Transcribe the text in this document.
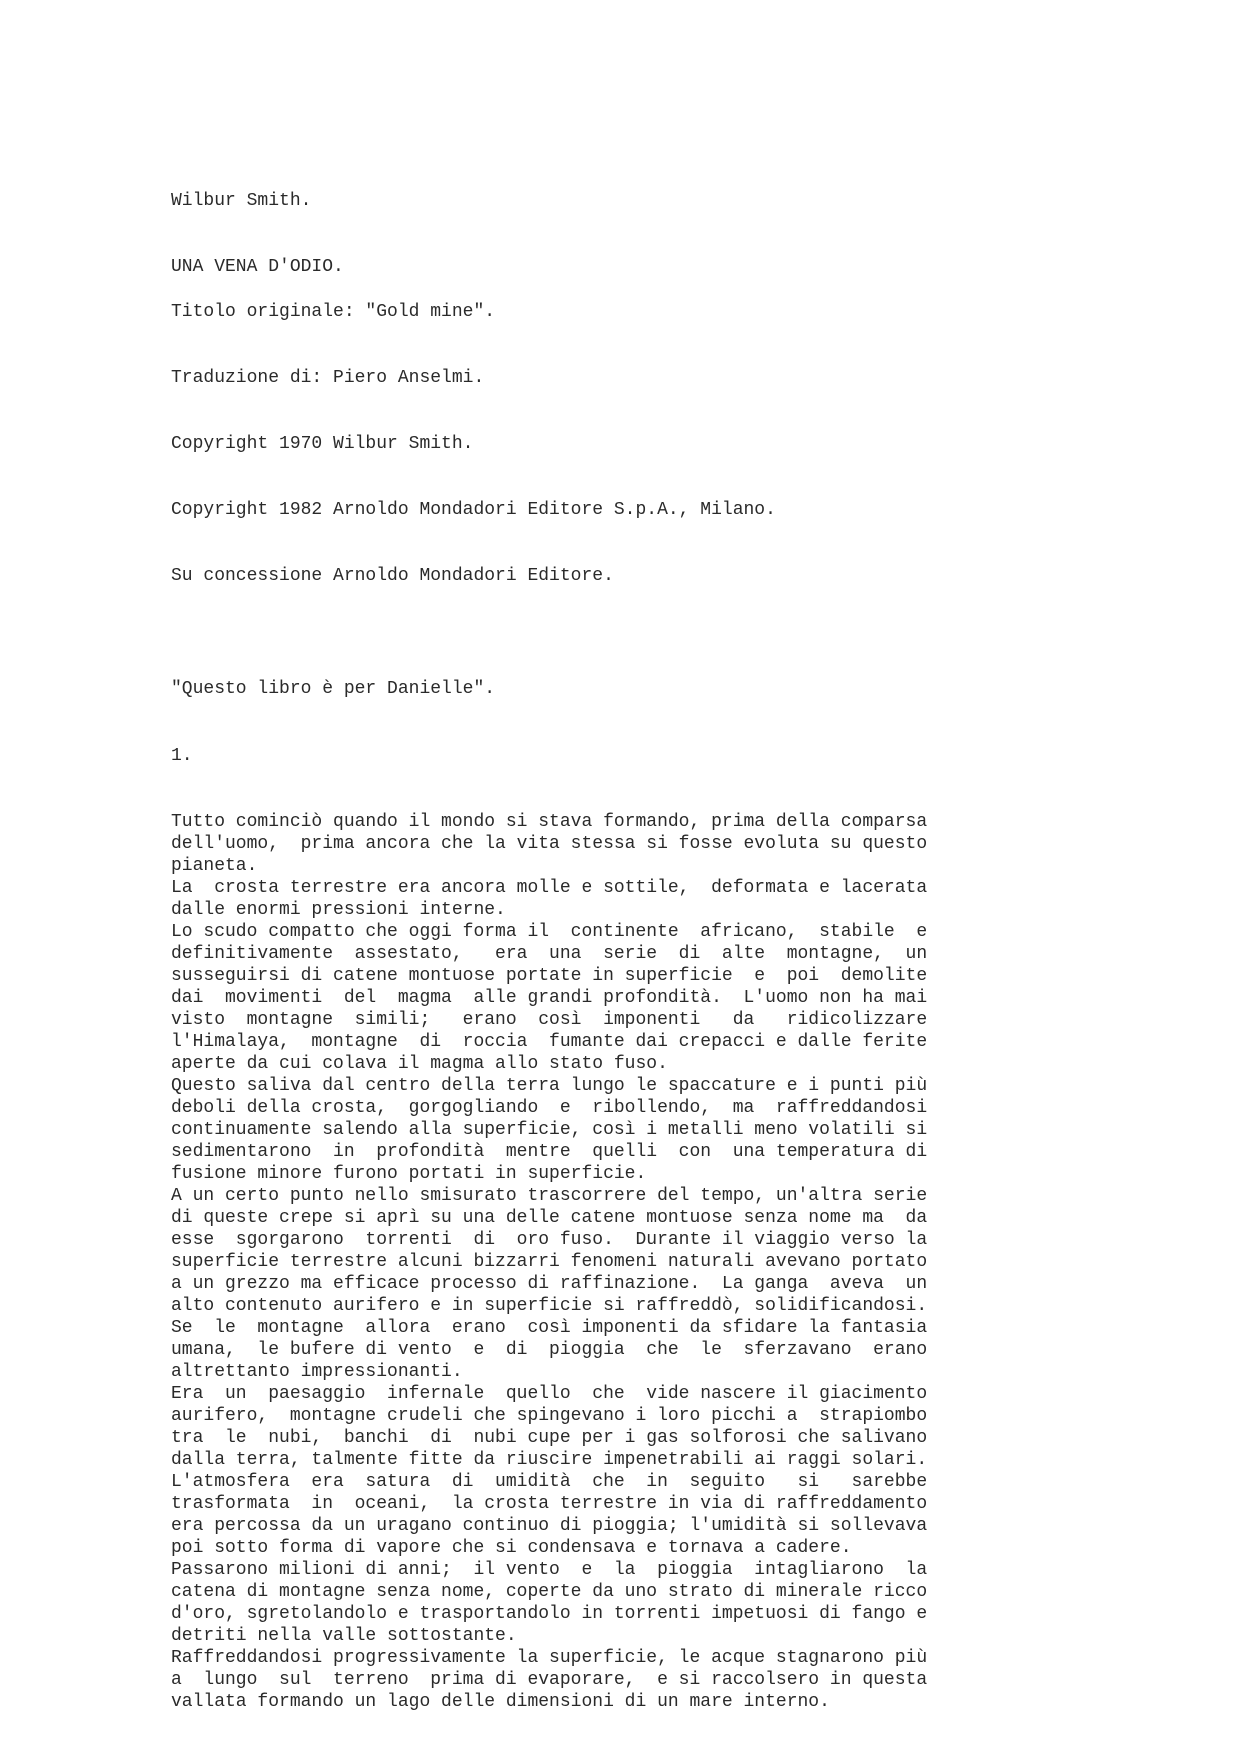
Wilbur Smith.

UNA VENA D'ODIO.

Titolo originale: "Gold mine".

Traduzione di: Piero Anselmi.

Copyright 1970 Wilbur Smith.

Copyright 1982 Arnoldo Mondadori Editore S.p.A., Milano.

Su concessione Arnoldo Mondadori Editore.

"Questo libro è per Danielle".

1.

Tutto cominciò quando il mondo si stava formando, prima della comparsa
dell'uomo,  prima ancora che la vita stessa si fosse evoluta su questo
pianeta.
La  crosta terrestre era ancora molle e sottile,  deformata e lacerata
dalle enormi pressioni interne.
Lo scudo compatto che oggi forma il  continente  africano,  stabile  e
definitivamente  assestato,   era  una  serie  di  alte  montagne,  un
susseguirsi di catene montuose portate in superficie  e  poi  demolite
dai  movimenti  del  magma  alle grandi profondità.  L'uomo non ha mai
visto  montagne  simili;   erano  così  imponenti   da   ridicolizzare
l'Himalaya,  montagne  di  roccia  fumante dai crepacci e dalle ferite
aperte da cui colava il magma allo stato fuso.
Questo saliva dal centro della terra lungo le spaccature e i punti più
deboli della crosta,  gorgogliando  e  ribollendo,  ma  raffreddandosi
continuamente salendo alla superficie, così i metalli meno volatili si
sedimentarono  in  profondità  mentre  quelli  con  una temperatura di
fusione minore furono portati in superficie.
A un certo punto nello smisurato trascorrere del tempo, un'altra serie
di queste crepe si aprì su una delle catene montuose senza nome ma  da
esse  sgorgarono  torrenti  di  oro fuso.  Durante il viaggio verso la
superficie terrestre alcuni bizzarri fenomeni naturali avevano portato
a un grezzo ma efficace processo di raffinazione.  La ganga  aveva  un
alto contenuto aurifero e in superficie si raffreddò, solidificandosi.
Se  le  montagne  allora  erano  così imponenti da sfidare la fantasia
umana,  le bufere di vento  e  di  pioggia  che  le  sferzavano  erano
altrettanto impressionanti.
Era  un  paesaggio  infernale  quello  che  vide nascere il giacimento
aurifero,  montagne crudeli che spingevano i loro picchi a  strapiombo
tra  le  nubi,  banchi  di  nubi cupe per i gas solforosi che salivano
dalla terra, talmente fitte da riuscire impenetrabili ai raggi solari.
L'atmosfera  era  satura  di  umidità  che  in  seguito   si   sarebbe
trasformata  in  oceani,  la crosta terrestre in via di raffreddamento
era percossa da un uragano continuo di pioggia; l'umidità si sollevava
poi sotto forma di vapore che si condensava e tornava a cadere.
Passarono milioni di anni;  il vento  e  la  pioggia  intagliarono  la
catena di montagne senza nome, coperte da uno strato di minerale ricco
d'oro, sgretolandolo e trasportandolo in torrenti impetuosi di fango e
detriti nella valle sottostante.
Raffreddandosi progressivamente la superficie, le acque stagnarono più
a  lungo  sul  terreno  prima di evaporare,  e si raccolsero in questa
vallata formando un lago delle dimensioni di un mare interno.
